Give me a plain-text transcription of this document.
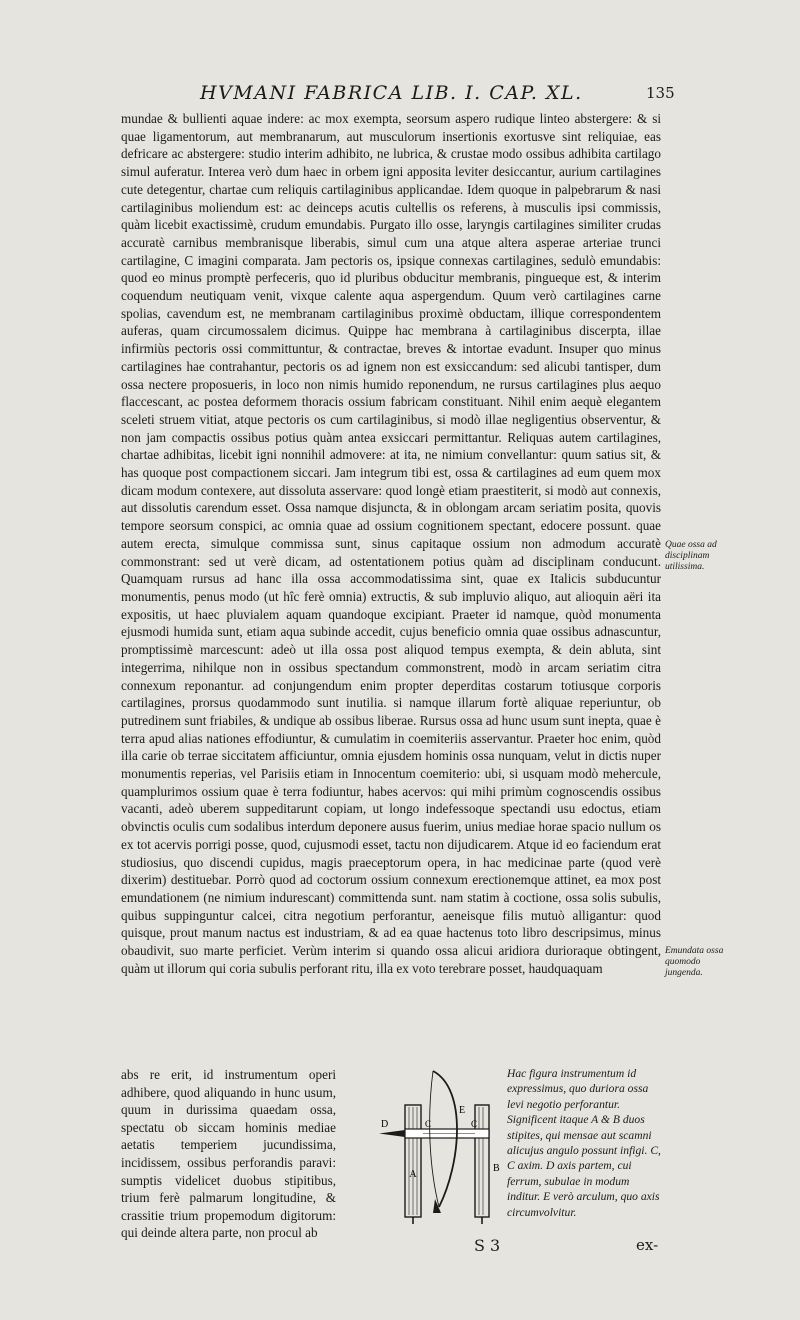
HVMANI FABRICA LIB. I. CAP. XL.	135

mundae & bullienti aquae indere: ac mox exempta, seorsum aspero rudique linteo abstergere: & si quae ligamentorum, aut membranarum, aut musculorum insertionis exortusve sint reliquiae, eas defricare ac abstergere: studio interim adhibito, ne lubrica, & crustae modo ossibus adhibita cartilago simul auferatur. Interea verò dum haec in orbem igni apposita leviter desiccantur, aurium cartilagines cute detegentur, chartae cum reliquis cartilaginibus applicandae. Idem quoque in palpebrarum & nasi cartilaginibus moliendum est: ac deinceps acutis cultellis os referens, à musculis ipsi commissis, quàm licebit exactissimè, crudum emundabis. Purgato illo osse, laryngis cartilagines similiter crudas accuratè carnibus membranisque liberabis, simul cum una atque altera asperae arteriae trunci cartilagine, C imagini comparata. Jam pectoris os, ipsique connexas cartilagines, sedulò emundabis: quod eo minus promptè perfeceris, quo id pluribus obducitur membranis, pingueque est, & interim coquendum neutiquam venit, vixque calente aqua aspergendum. Quum verò cartilagines carne spolias, cavendum est, ne membranam cartilaginibus proximè obductam, illique correspondentem auferas, quam circumossalem dicimus. Quippe hac membrana à cartilaginibus discerpta, illae infirmiùs pectoris ossi committuntur, & contractae, breves & intortae evadunt. Insuper quo minus cartilagines hae contrahantur, pectoris os ad ignem non est exsiccandum: sed alicubi tantisper, dum ossa nectere proposueris, in loco non nimis humido reponendum, ne rursus cartilagines plus aequo flaccescant, ac postea deformem thoracis ossium fabricam constituant. Nihil enim aequè elegantem sceleti struem vitiat, atque pectoris os cum cartilaginibus, si modò illae negligentius observentur, & non jam compactis ossibus potius quàm antea exsiccari permittantur. Reliquas autem cartilagines, chartae adhibitas, licebit igni nonnihil admovere: at ita, ne nimium convellantur: quum satius sit, & has quoque post compactionem siccari. Jam integrum tibi est, ossa & cartilagines ad eum quem mox dicam modum contexere, aut dissoluta asservare: quod longè etiam praestiterit, si modò aut connexis, aut dissolutis carendum esset. Ossa namque disjuncta, & in oblongam arcam seriatim posita, quovis tempore seorsum conspici, ac omnia quae ad ossium cognitionem spectant, edocere possunt. quae autem erecta, simulque commissa sunt, sinus capitaque ossium non admodum accuratè commonstrant: sed ut verè dicam, ad ostentationem potius quàm ad disciplinam conducunt. Quamquam rursus ad hanc illa ossa accommodatissima sint, quae ex Italicis subducuntur monumentis, penus modo (ut hîc ferè omnia) extructis, & sub impluvio aliquo, aut alioquin aëri ita expositis, ut haec pluvialem aquam quandoque excipiant. Praeter id namque, quòd monumenta ejusmodi humida sunt, etiam aqua subinde accedit, cujus beneficio omnia quae ossibus adnascuntur, promptissimè marcescunt: adeò ut illa ossa post aliquod tempus exempta, & dein abluta, sint integerrima, nihilque non in ossibus spectandum commonstrent, modò in arcam seriatim citra connexum reponantur. ad conjungendum enim propter deperditas costarum totiusque corporis cartilagines, prorsus quodammodo sunt inutilia. si namque illarum fortè aliquae reperiuntur, ob putredinem sunt friabiles, & undique ab ossibus liberae. Rursus ossa ad hunc usum sunt inepta, quae è terra apud alias nationes effodiuntur, & cumulatim in coemiteriis asservantur. Praeter hoc enim, quòd illa carie ob terrae siccitatem afficiuntur, omnia ejusdem hominis ossa nunquam, velut in dictis nuper monumentis reperias, vel Parisiis etiam in Innocentum coemiterio: ubi, si usquam modò mehercule, quamplurimos ossium quae è terra fodiuntur, habes acervos: qui mihi primùm cognoscendis ossibus vacanti, adeò uberem suppeditarunt copiam, ut longo indefessoque spectandi usu edoctus, etiam obvinctis oculis cum sodalibus interdum deponere ausus fuerim, unius mediae horae spacio nullum os ex tot acervis porrigi posse, quod, cujusmodi esset, tactu non dijudicarem. Atque id eo faciendum erat studiosius, quo discendi cupidus, magis praeceptorum opera, in hac medicinae parte (quod verè dixerim) destituebar. Porrò quod ad coctorum ossium connexum erectionemque attinet, ea mox post emundationem (ne nimium indurescant) committenda sunt. nam statim à coctione, ossa solis subulis, quibus suppinguntur calcei, citra negotium perforantur, aeneisque filis mutuò alligantur: quod quisque, prout manum nactus est industriam, & ad ea quae hactenus toto libro descripsimus, minus obaudivit, suo marte perficiet. Verùm interim si quando ossa alicui aridiora durioraque obtingent, quàm ut illorum qui coria subulis perforant ritu, illa ex voto terebrare posset, haudquaquam

Quae ossa ad disciplinam utilissima.
Emundata ossa quomodo jungenda.
abs re erit, id instrumentum operi adhibere, quod aliquando in hunc usum, quum in durissima quaedam ossa, spectatu ob siccam hominis mediae aetatis temperiem jucundissima, incidissem, ossibus perforandis paravi: sumptis videlicet duobus stipitibus, trium ferè palmarum longitudine, & crassitie trium propemodum digitorum: qui deinde altera parte, non procul ab
A
B
C	C
D
E
Hac figura instrumentum id expressimus, quo duriora ossa levi negotio perforantur. Significent itaque A & B duos stipites, qui mensae aut scamni alicujus angulo possunt infigi. C, C axim. D axis partem, cui ferrum, subulae in modum inditur. E verò arculum, quo axis circumvolvitur.
S 3	ex-
